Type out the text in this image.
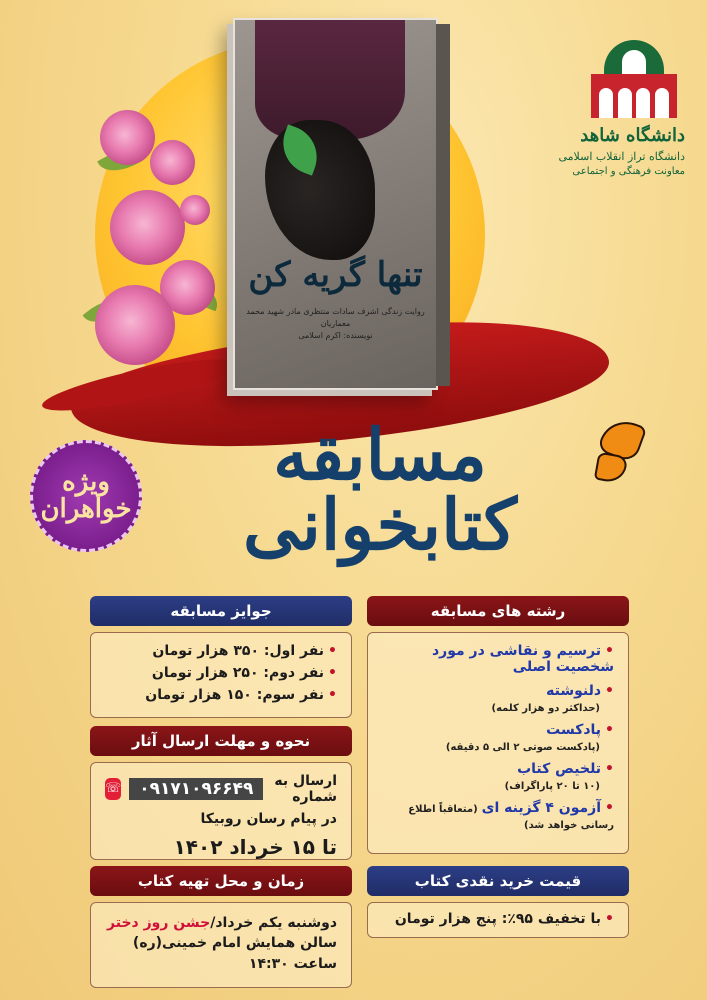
تنها گریه کن
روایت زندگی اشرف سادات منتظری مادر شهید محمد معماریان
نویسنده: اکرم اسلامی
دانشگاه شاهد
دانشگاه تراز انقلاب اسلامی
معاونت فرهنگی و اجتماعی
مسابقه کتابخوانی
ویژه خواهران
رشته های مسابقه
•ترسیم و نقاشی در مورد شخصیت اصلی
•دلنوشته
(حداکثر دو هزار کلمه)
•پادکست
(پادکست صوتی ۲ الی ۵ دقیقه)
•تلخیص کتاب
(۱۰ تا ۲۰ پاراگراف)
•آزمون ۴ گزینه ای(متعاقباً اطلاع رسانی خواهد شد)
جوایز مسابقه
•نفر اول: ۳۵۰ هزار تومان
•نفر دوم: ۲۵۰ هزار تومان
•نفر سوم: ۱۵۰ هزار تومان
نحوه و مهلت ارسال آثار
ارسال به شماره
۰۹۱۷۱۰۹۶۶۴۹
☏
در پیام رسان روبیکا
تا ۱۵ خرداد ۱۴۰۲
قیمت خرید نقدی کتاب
•با تخفیف ۹۵٪: پنج هزار تومان
زمان و محل تهیه کتاب
دوشنبه یکم خرداد/جشن روز دختر
سالن همایش امام خمینی(ره)
ساعت ۱۴:۳۰
